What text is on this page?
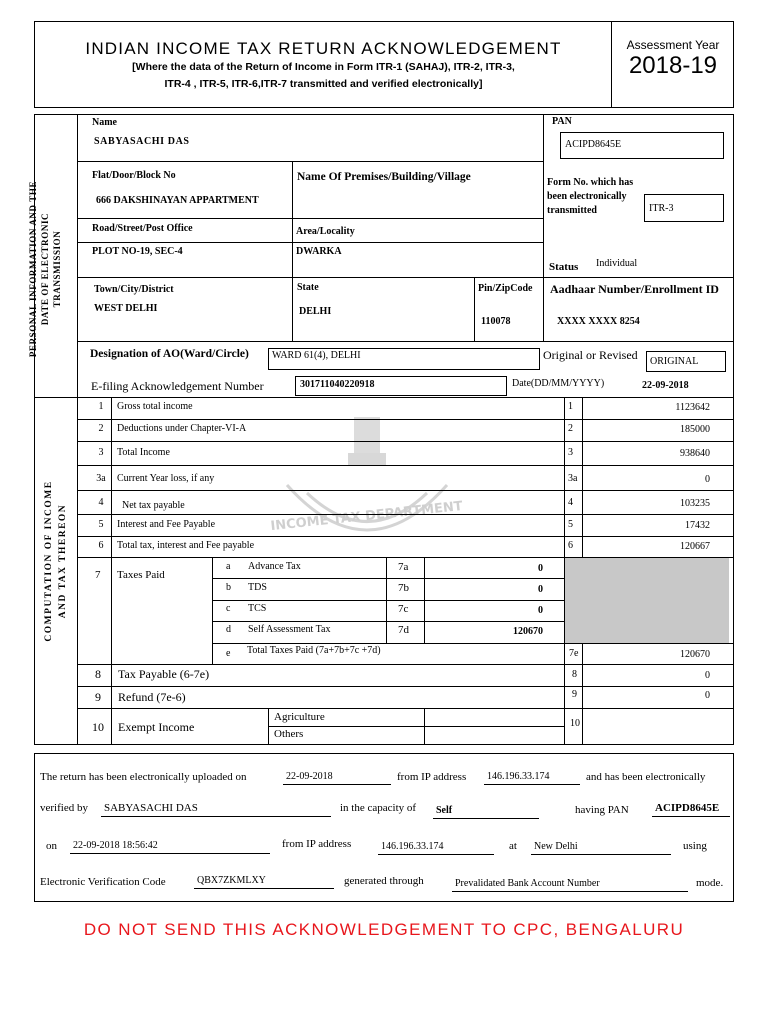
INDIAN INCOME TAX RETURN ACKNOWLEDGEMENT
[Where the data of the Return of Income in Form ITR-1 (SAHAJ), ITR-2, ITR-3,
ITR-4 , ITR-5, ITR-6,ITR-7 transmitted and verified electronically]
Assessment Year
2018-19
PERSONAL INFORMATION AND THE DATE OF ELECTRONIC TRANSMISSION
COMPUTATION OF INCOME AND TAX THEREON
Name
SABYASACHI DAS
PAN
ACIPD8645E
Flat/Door/Block No
666 DAKSHINAYAN APPARTMENT
Name Of Premises/Building/Village	Form No. which has been electronically transmitted	ITR-3
Road/Street/Post Office
PLOT NO-19, SEC-4
Area/Locality
DWARKA
Status Individual
Town/City/District
WEST DELHI
State
DELHI
Pin/ZipCode
110078
Aadhaar Number/Enrollment ID
XXXX XXXX 8254
Designation of AO(Ward/Circle)	WARD 61(4), DELHI	Original or Revised	ORIGINAL
E-filing Acknowledgement Number	301711040220918	Date(DD/MM/YYYY)	22-09-2018
INCOME TAX DEPARTMENT
1	Gross total income	1	1123642
2	Deductions under Chapter-VI-A	2	185000
3	Total Income	3	938640
3a	Current Year loss, if any	3a	0
4	Net tax payable	4	103235
5	Interest and Fee Payable	5	17432
6	Total tax, interest and Fee payable	6	120667
7 Taxes Paid
a Advance Tax	7a	0
b TDS	7b	0
c TCS	7c	0
d Self Assessment Tax	7d	120670
e Total Taxes Paid (7a+7b+7c +7d)	7e	120670
8 Tax Payable (6-7e)	8	0
9 Refund (7e-6)	9	0
10 Exempt Income
Agriculture
Others
10
The return has been electronically uploaded on	22-09-2018	from IP address	146.196.33.174	and has been electronically
verified by SABYASACHI DAS	in the capacity of	Self	having PAN ACIPD8645E
on	22-09-2018 18:56:42	from IP address	146.196.33.174	at	New Delhi	using
Electronic Verification Code	QBX7ZKMLXY	generated through	Prevalidated Bank Account Number	mode.
DO NOT SEND THIS ACKNOWLEDGEMENT TO CPC, BENGALURU
